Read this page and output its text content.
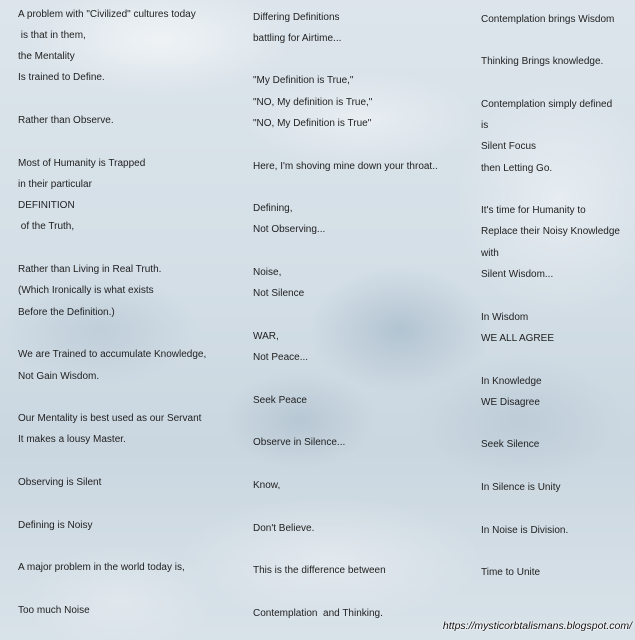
A problem with "Civilized" cultures today
is that in them,
the Mentality
Is trained to Define.
Rather than Observe.
Most of Humanity is Trapped
in their particular
DEFINITION
of the Truth,
Rather than Living in Real Truth.
(Which Ironically is what exists
Before the Definition.)
We are Trained to accumulate Knowledge,
Not Gain Wisdom.
Our Mentality is best used as our Servant
It makes a lousy Master.
Observing is Silent
Defining is Noisy
A major problem in the world today is,
Too much Noise
Differing Definitions
battling for Airtime...
"My Definition is True,"
"NO, My definition is True,"
"NO, My Definition is True"
Here, I'm shoving mine down your throat..
Defining,
Not Observing...
Noise,
Not Silence
WAR,
Not Peace...
Seek Peace
Observe in Silence...
Know,
Don't Believe.
This is the difference between
Contemplation  and Thinking.
Contemplation brings Wisdom
Thinking Brings knowledge.
Contemplation simply defined
is
Silent Focus
then Letting Go.
It's time for Humanity to
Replace their Noisy Knowledge
with
Silent Wisdom...
In Wisdom
WE ALL AGREE
In Knowledge
WE Disagree
Seek Silence
In Silence is Unity
In Noise is Division.
Time to Unite
https://mysticorbtalismans.blogspot.com/
